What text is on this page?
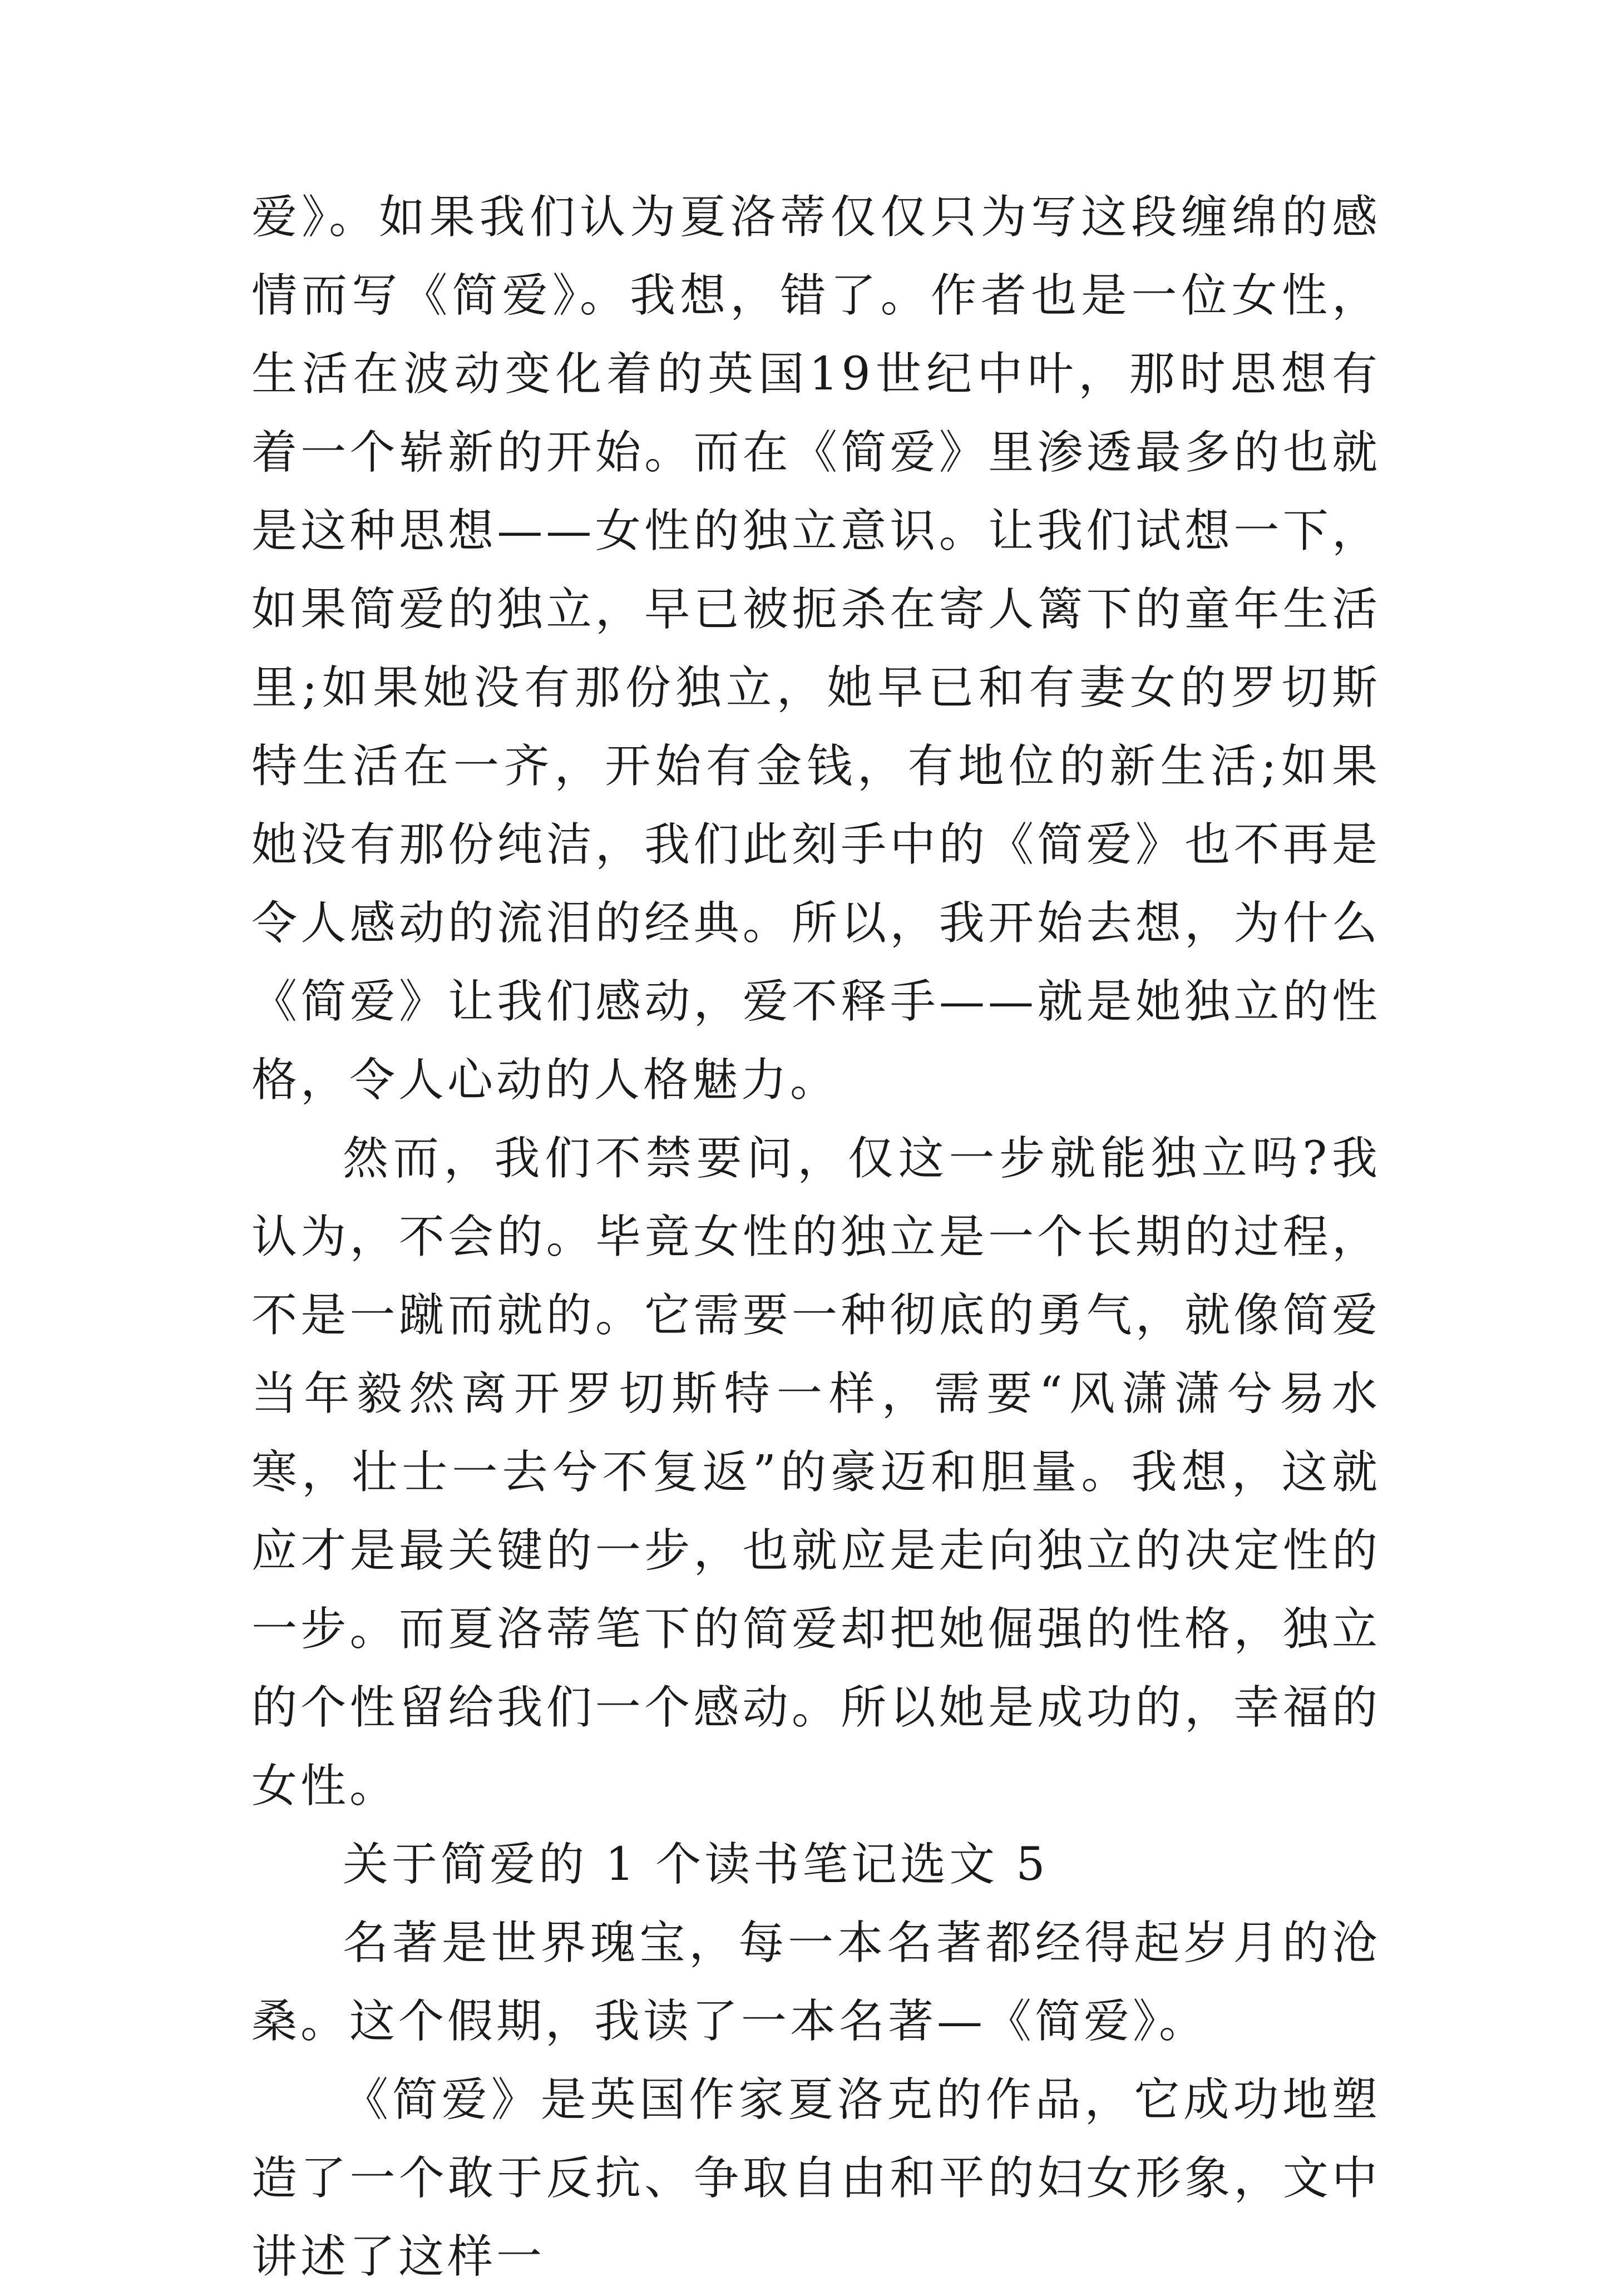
爱》。如果我们认为夏洛蒂仅仅只为写这段缠绵的感情而写《简爱》。我想，错了。作者也是一位女性，生活在波动变化着的英国19世纪中叶，那时思想有着一个崭新的开始。而在《简爱》里渗透最多的也就是这种思想——女性的独立意识。让我们试想一下，如果简爱的独立，早已被扼杀在寄人篱下的童年生活里;如果她没有那份独立，她早已和有妻女的罗切斯特生活在一齐，开始有金钱，有地位的新生活;如果她没有那份纯洁，我们此刻手中的《简爱》也不再是令人感动的流泪的经典。所以，我开始去想，为什么《简爱》让我们感动，爱不释手——就是她独立的性格，令人心动的人格魅力。

然而，我们不禁要问，仅这一步就能独立吗?我认为，不会的。毕竟女性的独立是一个长期的过程，不是一蹴而就的。它需要一种彻底的勇气，就像简爱当年毅然离开罗切斯特一样，需要“风潇潇兮易水寒，壮士一去兮不复返”的豪迈和胆量。我想，这就应才是最关键的一步，也就应是走向独立的决定性的一步。而夏洛蒂笔下的简爱却把她倔强的性格，独立的个性留给我们一个感动。所以她是成功的，幸福的女性。

关于简爱的 1 个读书笔记选文 5

名著是世界瑰宝，每一本名著都经得起岁月的沧桑。这个假期，我读了一本名著—《简爱》。

《简爱》是英国作家夏洛克的作品，它成功地塑造了一个敢于反抗、争取自由和平的妇女形象，文中讲述了这样一
